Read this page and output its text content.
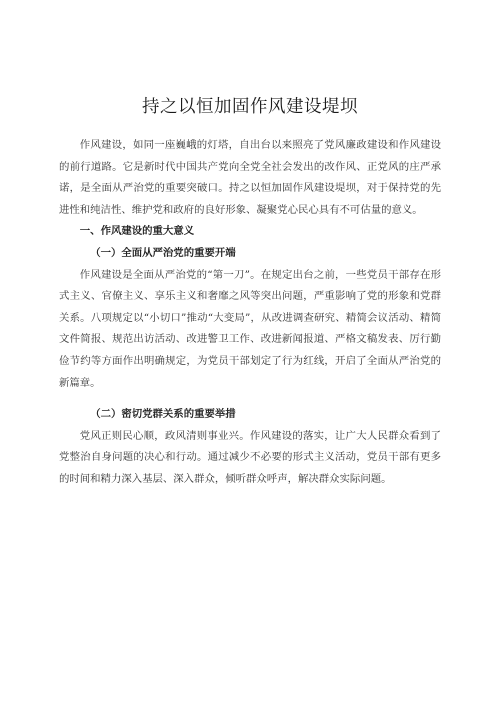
持之以恒加固作风建设堤坝

作风建设，如同一座巍峨的灯塔，自出台以来照亮了党风廉政建设和作风建设的前行道路。它是新时代中国共产党向全党全社会发出的改作风、正党风的庄严承诺，是全面从严治党的重要突破口。持之以恒加固作风建设堤坝，对于保持党的先进性和纯洁性、维护党和政府的良好形象、凝聚党心民心具有不可估量的意义。

一、作风建设的重大意义

（一）全面从严治党的重要开端

作风建设是全面从严治党的“第一刀”。在规定出台之前，一些党员干部存在形式主义、官僚主义、享乐主义和奢靡之风等突出问题，严重影响了党的形象和党群关系。八项规定以“小切口”推动“大变局”，从改进调查研究、精简会议活动、精简文件简报、规范出访活动、改进警卫工作、改进新闻报道、严格文稿发表、厉行勤俭节约等方面作出明确规定，为党员干部划定了行为红线，开启了全面从严治党的新篇章。

（二）密切党群关系的重要举措

党风正则民心顺，政风清则事业兴。作风建设的落实，让广大人民群众看到了党整治自身问题的决心和行动。通过减少不必要的形式主义活动，党员干部有更多的时间和精力深入基层、深入群众，倾听群众呼声，解决群众实际问题。
